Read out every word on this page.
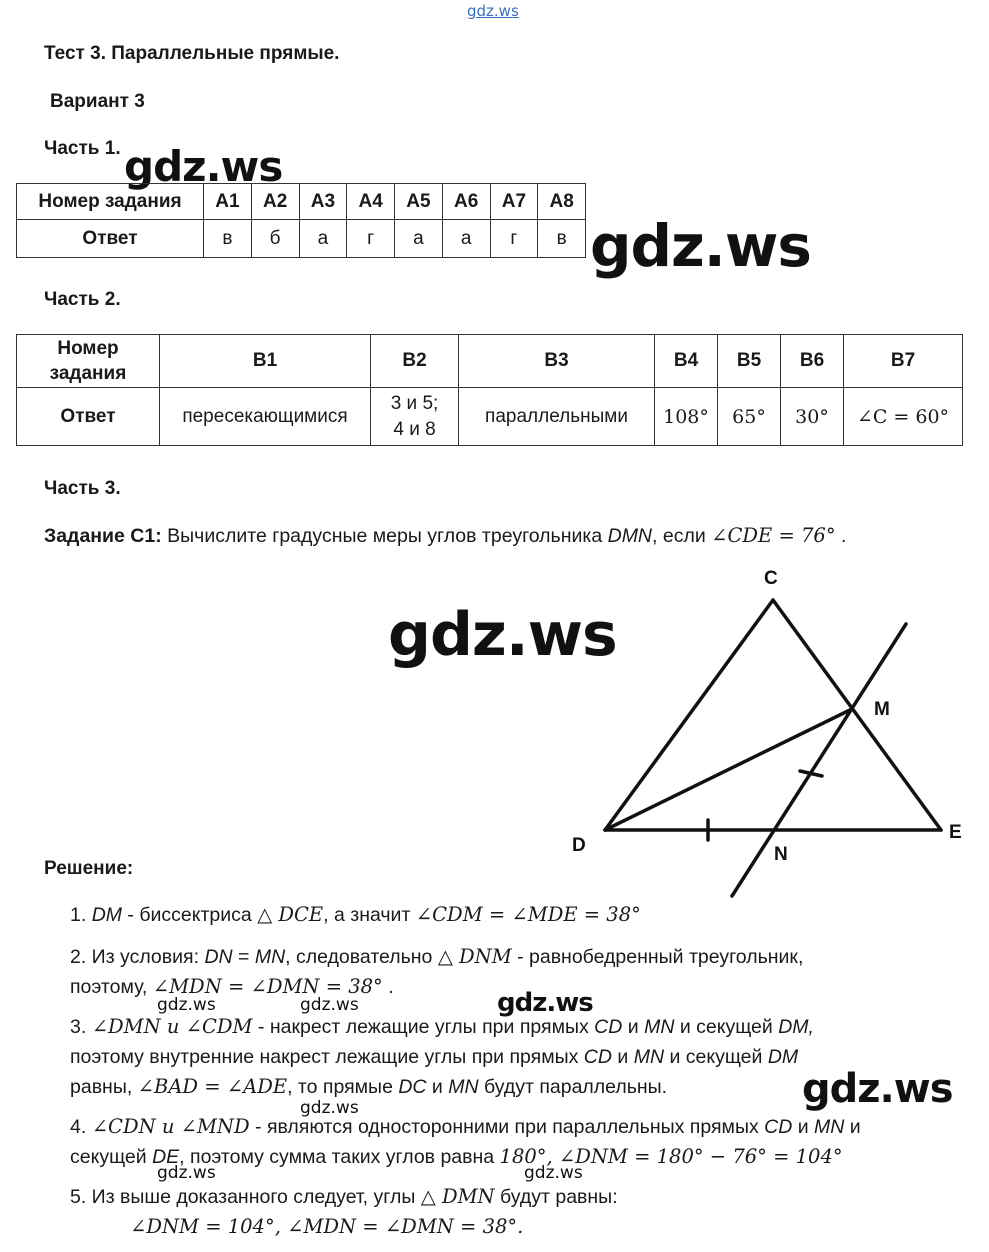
gdz.ws
Тест 3. Параллельные прямые.
Вариант 3
Часть 1. gdz.ws
Номер задания	A1	A2	A3	A4	A5	A6	A7	A8
Ответ	в	б	а	г	а	а	г	в gdz.ws
Часть 2.
Номер
задания	B1	B2	B3	B4	B5	B6	B7
Ответ	пересекающимися	3 и 5;
4 и 8	параллельными	108°	65°	30°	∠C = 60°
Часть 3.
Задание С1: Вычислите градусные меры углов треугольника DMN, если ∠CDE = 76° .
gdz.ws
C
M
D	N
E
Решение:
1. DM - биссектриса △ DCE, а значит ∠CDM = ∠MDE = 38°
2. Из условия: DN = MN, следовательно △ DNM - равнобедренный треугольник,
поэтому, ∠MDN = ∠DMN = 38° .
gdz.ws	gdz.ws	gdz.ws
3. ∠DMN и ∠CDM - накрест лежащие углы при прямых CD и MN и секущей DM,
поэтому внутренние накрест лежащие углы при прямых CD и MN и секущей DM
равны, ∠BAD = ∠ADE, то прямые DC и MN будут параллельны.	gdz.ws
gdz.ws
4. ∠CDN и ∠MND - являются односторонними при параллельных прямых CD и MN и
секущей DE, поэтому сумма таких углов равна 180°, ∠DNM = 180° − 76° = 104°
gdz.ws	gdz.ws
5. Из выше доказанного следует, углы △ DMN будут равны:
∠DNM = 104°, ∠MDN = ∠DMN = 38°.
